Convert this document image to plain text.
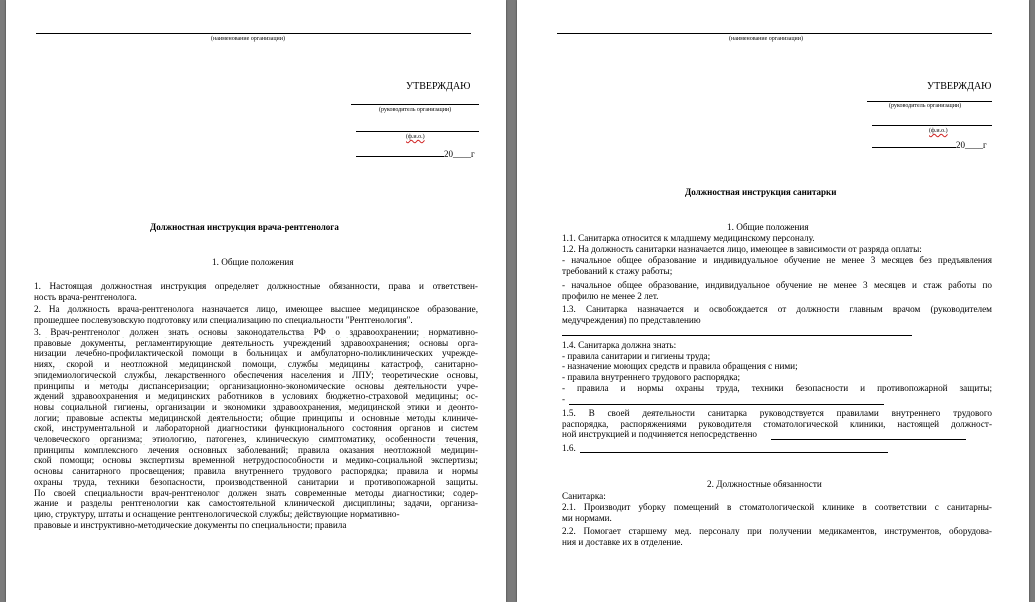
(наименование организации)
УТВЕРЖДАЮ
(руководитель организации)
(ф.и.о.)
20____г
Должностная инструкция врача-рентгенолога
1. Общие положения
1. Настоящая должностная инструкция определяет должностные обязанности, права и ответствен-
ность врача-рентгенолога.
2. На должность врача-рентгенолога назначается лицо, имеющее высшее медицинское образование,
прошедшее послевузовскую подготовку или специализацию по специальности "Рентгенология".
3. Врач-рентгенолог должен знать основы законодательства РФ о здравоохранении; нормативно-
правовые документы, регламентирующие деятельность учреждений здравоохранения; основы орга-
низации лечебно-профилактической помощи в больницах и амбулаторно-поликлинических учрежде-
ниях, скорой и неотложной медицинской помощи, службы медицины катастроф, санитарно-
эпидемиологической службы, лекарственного обеспечения населения и ЛПУ; теоретические основы,
принципы и методы диспансеризации; организационно-экономические основы деятельности учре-
ждений здравоохранения и медицинских работников в условиях бюджетно-страховой медицины; ос-
новы социальной гигиены, организации и экономики здравоохранения, медицинской этики и деонто-
логии; правовые аспекты медицинской деятельности; общие принципы и основные методы клиниче-
ской, инструментальной и лабораторной диагностики функционального состояния органов и систем
человеческого организма; этиологию, патогенез, клиническую симптоматику, особенности течения,
принципы комплексного лечения основных заболеваний; правила оказания неотложной медицин-
ской помощи; основы экспертизы временной нетрудоспособности и медико-социальной экспертизы;
основы санитарного просвещения; правила внутреннего трудового распорядка; правила и нормы
охраны труда, техники безопасности, производственной санитарии и противопожарной защиты.
По своей специальности врач-рентгенолог должен знать современные методы диагностики; содер-
жание и разделы рентгенологии как самостоятельной клинической дисциплины; задачи, организа-
цию, структуру, штаты и оснащение рентгенологической службы; действующие нормативно-
правовые и инструктивно-методические документы по специальности; правила
(наименование организации)
УТВЕРЖДАЮ
(руководитель организации)
(ф.и.о.)
20____г
Должностная инструкция санитарки
1. Общие положения
1.1. Санитарка относится к младшему медицинскому персоналу.
1.2. На должность санитарки назначается лицо, имеющее в зависимости от разряда оплаты:
- начальное общее образование и индивидуальное обучение не менее 3 месяцев без предъявления
требований к стажу работы;
- начальное общее образование, индивидуальное обучение не менее 3 месяцев и стаж работы по
профилю не менее 2 лет.
1.3. Санитарка назначается и освобождается от должности главным врачом (руководителем
медучреждения) по представлению
1.4. Санитарка должна знать:
- правила санитарии и гигиены труда;
- назначение моющих средств и правила обращения с ними;
- правила внутреннего трудового распорядка;
- правила и нормы охраны труда, техники безопасности и противопожарной защиты;
-
1.5. В своей деятельности санитарка руководствуется правилами внутреннего трудового
распорядка, распоряжениями руководителя стоматологической клиники, настоящей должност-
ной инструкцией и подчиняется непосредственно
1.6.
2. Должностные обязанности
Санитарка:
2.1. Производит уборку помещений в стоматологической клинике в соответствии с санитарны-
ми нормами.
2.2. Помогает старшему мед. персоналу при получении медикаментов, инструментов, оборудова-
ния и доставке их в отделение.
